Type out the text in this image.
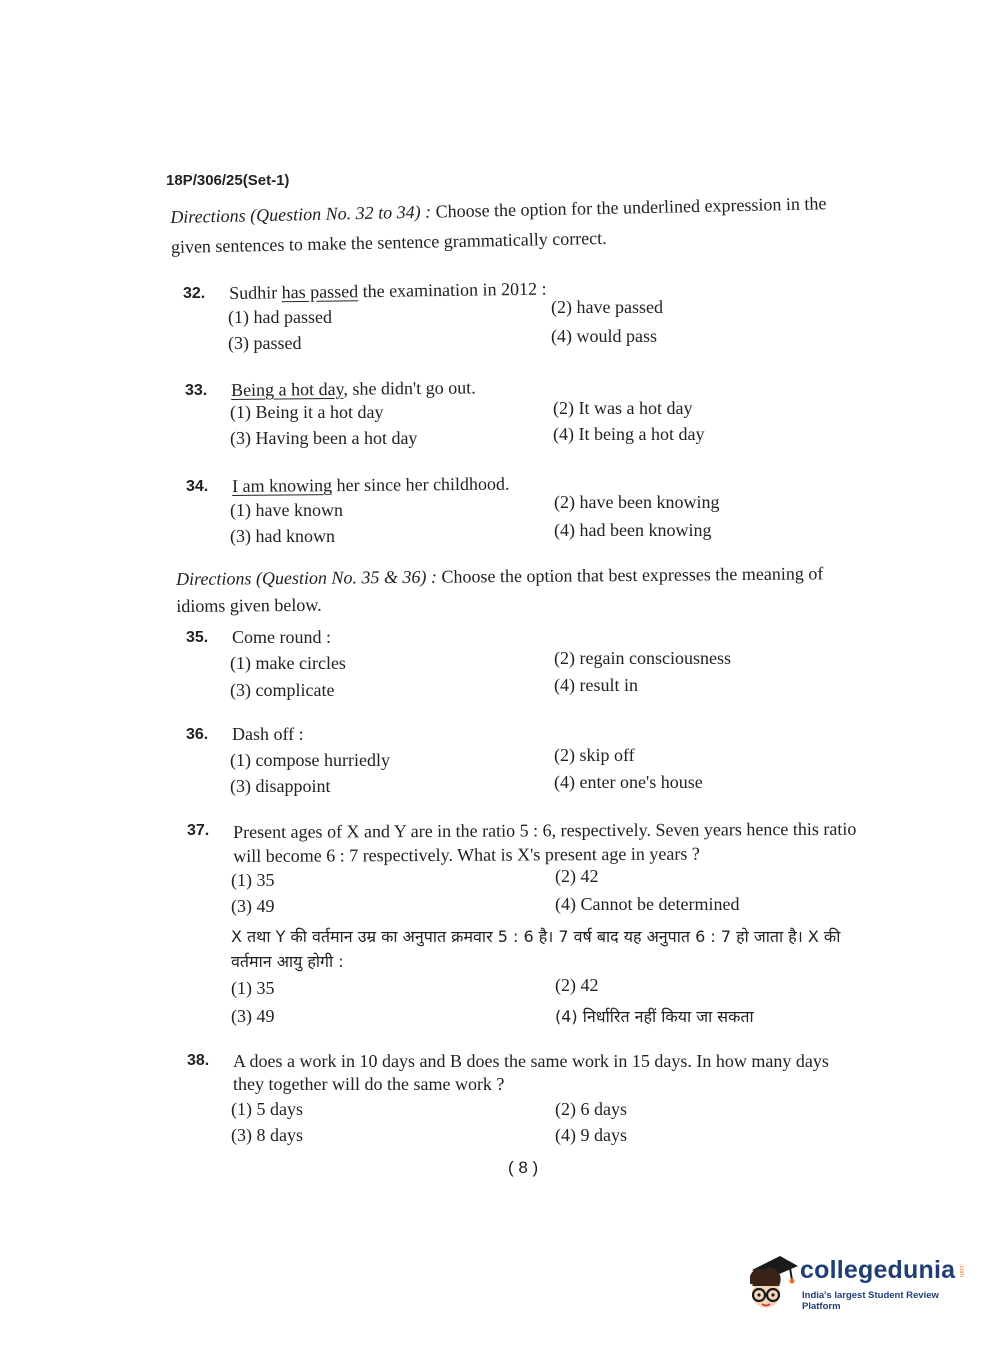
18P/306/25(Set-1)
Directions (Question No. 32 to 34) : Choose the option for the underlined expression in the given sentences to make the sentence grammatically correct.
32. Sudhir has passed the examination in 2012 :
(1) had passed	(2) have passed
(3) passed	(4) would pass
33. Being a hot day, she didn't go out.
(1) Being it a hot day	(2) It was a hot day
(3) Having been a hot day	(4) It being a hot day
34. I am knowing her since her childhood.
(1) have known	(2) have been knowing
(3) had known	(4) had been knowing
Directions (Question No. 35 & 36) : Choose the option that best expresses the meaning of idioms given below.
35. Come round :
(1) make circles	(2) regain consciousness
(3) complicate	(4) result in
36. Dash off :
(1) compose hurriedly	(2) skip off
(3) disappoint	(4) enter one's house
37. Present ages of X and Y are in the ratio 5 : 6, respectively. Seven years hence this ratio will become 6 : 7 respectively. What is X's present age in years ?
(1) 35	(2) 42
(3) 49	(4) Cannot be determined
X तथा Y की वर्तमान उम्र का अनुपात क्रमवार 5 : 6 है। 7 वर्ष बाद यह अनुपात 6 : 7 हो जाता है। X की वर्तमान आयु होगी :
(1) 35	(2) 42
(3) 49	(4) निर्धारित नहीं किया जा सकता
38. A does a work in 10 days and B does the same work in 15 days. In how many days they together will do the same work ?
(1) 5 days	(2) 6 days
(3) 8 days	(4) 9 days
( 8 )
collegedunia .com
India's largest Student Review Platform
